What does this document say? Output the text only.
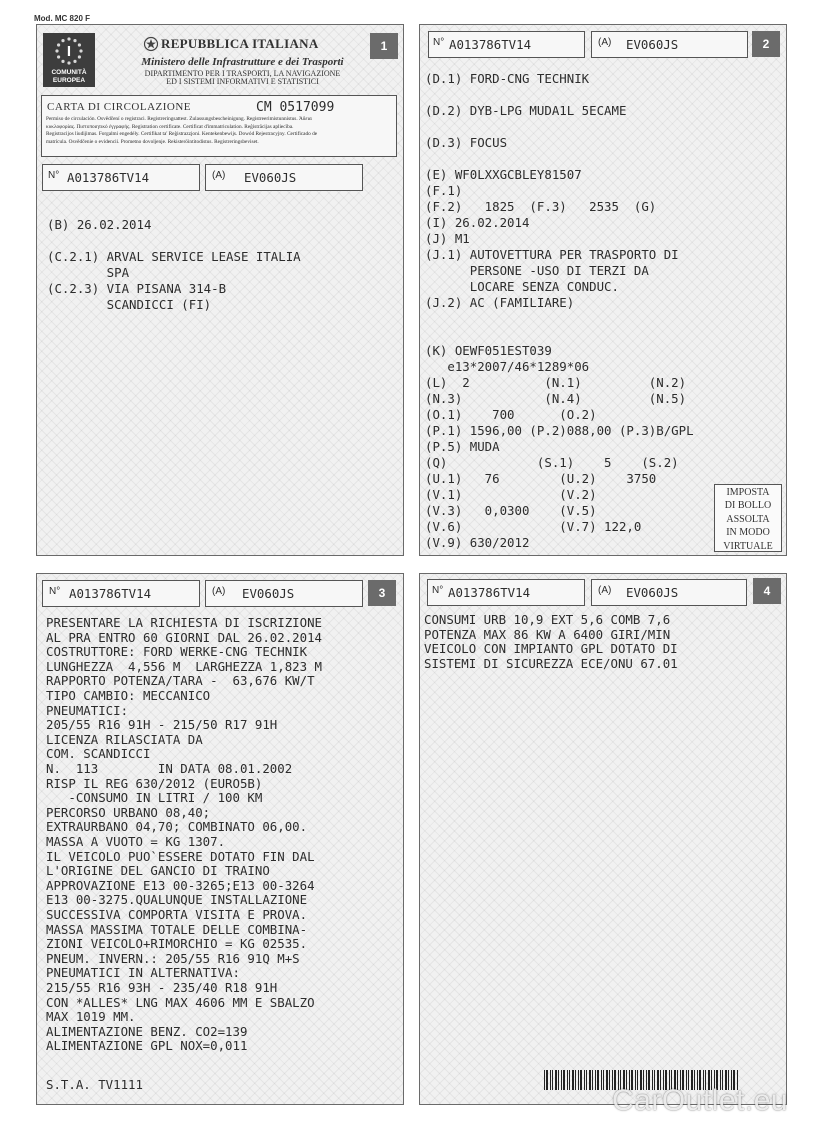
Mod. MC 820 F
1
I
COMUNITÀ
EUROPEA
REPUBBLICA ITALIANA
Ministero delle Infrastrutture e dei Trasporti
DIPARTIMENTO PER I TRASPORTI, LA NAVIGAZIONE
ED I SISTEMI INFORMATIVI E STATISTICI
CARTA DI CIRCOLAZIONE	CM 0517099
Permiso de circulación. Osvědčení o registraci. Registreringsattest. Zulassungsbescheinigung. Registreerimistunnistus. Άδεια
κυκλοφορίας. Πιστοποιητικό έγγραφής. Registration certificate. Certificat d'immatriculation. Reģistrācijas apliecība.
Registracijos liudijimas. Forgalmi engedély. Certifikat ta' Reģistrazzjoni. Kentekenbewijs. Dowód Rejestracyjny. Certificado de
matrícula. Osvědčenie o evidencii. Prometno dovoljenje. Rekisteröintitodistus. Registreringsbeviset.
N° A013786TV14	(A) EV060JS

(B) 26.02.2014

(C.2.1) ARVAL SERVICE LEASE ITALIA

SPA

(C.2.3) VIA PISANA 314-B

SCANDICCI (FI)

2
N° A013786TV14	(A) EV060JS

(D.1) FORD-CNG TECHNIK

(D.2) DYB-LPG MUDA1L 5ECAME

(D.3) FOCUS

(E) WF0LXXGCBLEY81507

(F.1)

(F.2)   1825  (F.3)   2535  (G)

(I) 26.02.2014

(J) M1

(J.1) AUTOVETTURA PER TRASPORTO DI

PERSONE -USO DI TERZI DA

LOCARE SENZA CONDUC.

(J.2) AC (FAMILIARE)

(K) OEWF051EST039

e13*2007/46*1289*06

(L)  2          (N.1)         (N.2)

(N.3)           (N.4)         (N.5)

(O.1)    700      (O.2)

(P.1) 1596,00 (P.2)088,00 (P.3)B/GPL

(P.5) MUDA

(Q)            (S.1)    5    (S.2)

(U.1)   76        (U.2)    3750

(V.1)             (V.2)

(V.3)   0,0300    (V.5)

(V.6)             (V.7) 122,0

(V.9) 630/2012

IMPOSTA
DI BOLLO
ASSOLTA
IN MODO
VIRTUALE
3
N° A013786TV14	(A) EV060JS

PRESENTARE LA RICHIESTA DI ISCRIZIONE

AL PRA ENTRO 60 GIORNI DAL 26.02.2014

COSTRUTTORE: FORD WERKE-CNG TECHNIK

LUNGHEZZA  4,556 M  LARGHEZZA 1,823 M

RAPPORTO POTENZA/TARA -  63,676 KW/T

TIPO CAMBIO: MECCANICO

PNEUMATICI:

205/55 R16 91H - 215/50 R17 91H

LICENZA RILASCIATA DA

COM. SCANDICCI

N.  113        IN DATA 08.01.2002

RISP IL REG 630/2012 (EURO5B)

-CONSUMO IN LITRI / 100 KM

PERCORSO URBANO 08,40;

EXTRAURBANO 04,70; COMBINATO 06,00.

MASSA A VUOTO = KG 1307.

IL VEICOLO PUO`ESSERE DOTATO FIN DAL

L'ORIGINE DEL GANCIO DI TRAINO

APPROVAZIONE E13 00-3265;E13 00-3264

E13 00-3275.QUALUNQUE INSTALLAZIONE

SUCCESSIVA COMPORTA VISITA E PROVA.

MASSA MASSIMA TOTALE DELLE COMBINA-

ZIONI VEICOLO+RIMORCHIO = KG 02535.

PNEUM. INVERN.: 205/55 R16 91Q M+S

PNEUMATICI IN ALTERNATIVA:

215/55 R16 93H - 235/40 R18 91H

CON *ALLES* LNG MAX 4606 MM E SBALZO

MAX 1019 MM.

ALIMENTAZIONE BENZ. CO2=139

ALIMENTAZIONE GPL NOX=0,011

S.T.A. TV1111
4
N° A013786TV14	(A) EV060JS

CONSUMI URB 10,9 EXT 5,6 COMB 7,6

POTENZA MAX 86 KW A 6400 GIRI/MIN

VEICOLO CON IMPIANTO GPL DOTATO DI

SISTEMI DI SICUREZZA ECE/ONU 67.01

CarOutlet.eu
